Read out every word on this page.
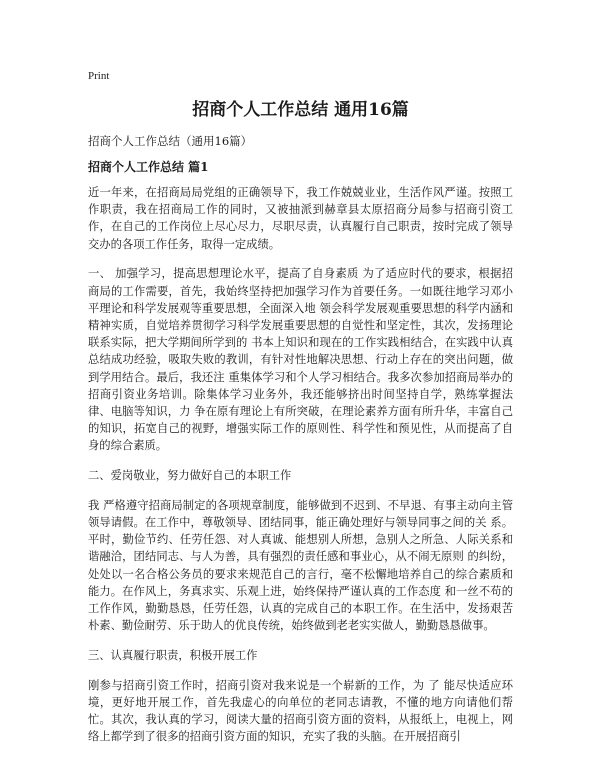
Print
招商个人工作总结 通用16篇

招商个人工作总结（通用16篇）

招商个人工作总结 篇1

近一年来，在招商局局党组的正确领导下，我工作兢兢业业，生活作风严谨。按照工作职责，我在招商局工作的同时，又被抽派到赫章县太原招商分局参与招商引资工作，在自己的工作岗位上尽心尽力，尽职尽责，认真履行自己职责，按时完成了领导交办的各项工作任务，取得一定成绩。

一、 加强学习，提高思想理论水平，提高了自身素质 为了适应时代的要求，根据招商局的工作需要，首先，我始终坚持把加强学习作为首要任务。一如既往地学习邓小平理论和科学发展观等重要思想，全面深入地 领会科学发展观重要思想的科学内涵和精神实质，自觉培养贯彻学习科学发展重要思想的自觉性和坚定性，其次，发扬理论联系实际，把大学期间所学到的 书本上知识和现在的工作实践相结合，在实践中认真总结成功经验，吸取失败的教训，有针对性地解决思想、行动上存在的突出问题，做到学用结合。最后，我还注 重集体学习和个人学习相结合。我多次参加招商局举办的招商引资业务培训。除集体学习业务外，我还能够挤出时间坚持自学，熟练掌握法律、电脑等知识，力 争在原有理论上有所突破，在理论素养方面有所升华，丰富自己的知识，拓宽自己的视野，增强实际工作的原则性、科学性和预见性，从而提高了自身的综合素质。

二、爱岗敬业，努力做好自己的本职工作

我 严格遵守招商局制定的各项规章制度，能够做到不迟到、不早退、有事主动向主管领导请假。在工作中，尊敬领导、团结同事，能正确处理好与领导同事之间的关 系。平时，勤俭节约、任劳任怨、对人真诚、能想别人所想，急别人之所急、人际关系和谐融洽，团结同志、与人为善，具有强烈的责任感和事业心，从不闹无原则 的纠纷，处处以一名合格公务员的要求来规范自己的言行，毫不松懈地培养自己的综合素质和能力。在作风上，务真求实、乐观上进，始终保持严谨认真的工作态度 和一丝不苟的工作作风，勤勤恳恳，任劳任怨，认真的完成自己的本职工作。在生活中，发扬艰苦朴素、勤俭耐劳、乐于助人的优良传统，始终做到老老实实做人，勤勤恳恳做事。

三、认真履行职责，积极开展工作

刚参与招商引资工作时，招商引资对我来说是一个崭新的工作，为 了 能尽快适应环境，更好地开展工作，首先我虚心的向单位的老同志请教，不懂的地方向请他们帮忙。其次，我认真的学习，阅读大量的招商引资方面的资料，从报纸上，电视上，网络上都学到了很多的招商引资方面的知识，充实了我的头脑。在开展招商引
